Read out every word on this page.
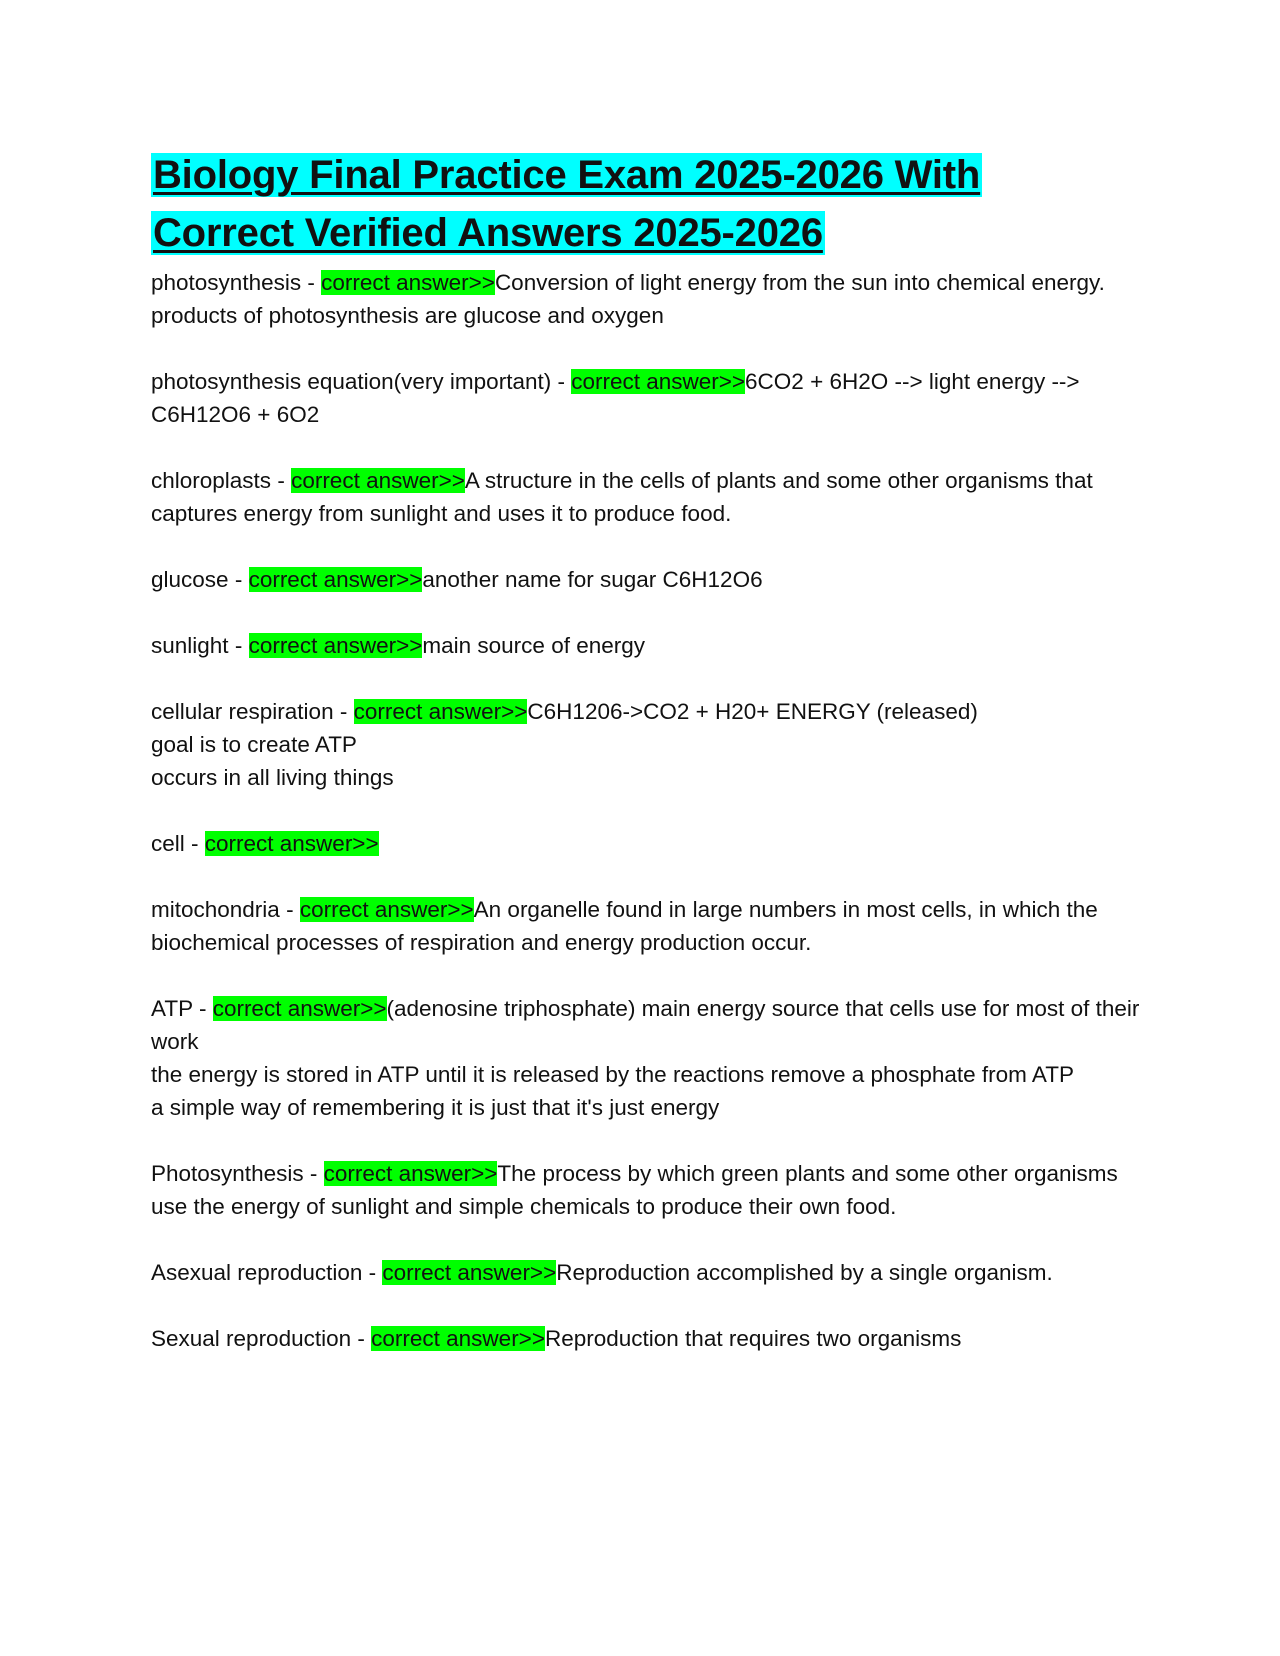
Biology Final Practice Exam 2025-2026 With
Correct Verified Answers 2025-2026
photosynthesis - correct answer>>Conversion of light energy from the sun into chemical energy.
products of photosynthesis are glucose and oxygen
photosynthesis equation(very important) - correct answer>>6CO2 + 6H2O --> light energy --> C6H12O6 + 6O2
chloroplasts - correct answer>>A structure in the cells of plants and some other organisms that captures energy from sunlight and uses it to produce food.
glucose - correct answer>>another name for sugar C6H12O6
sunlight - correct answer>>main source of energy
cellular respiration - correct answer>>C6H1206->CO2 + H20+ ENERGY (released)
goal is to create ATP
occurs in all living things
cell - correct answer>>
mitochondria - correct answer>>An organelle found in large numbers in most cells, in which the biochemical processes of respiration and energy production occur.
ATP - correct answer>>(adenosine triphosphate) main energy source that cells use for most of their work
the energy is stored in ATP until it is released by the reactions remove a phosphate from ATP
a simple way of remembering it is just that it's just energy
Photosynthesis - correct answer>>The process by which green plants and some other organisms use the energy of sunlight and simple chemicals to produce their own food.
Asexual reproduction - correct answer>>Reproduction accomplished by a single organism.
Sexual reproduction - correct answer>>Reproduction that requires two organisms
